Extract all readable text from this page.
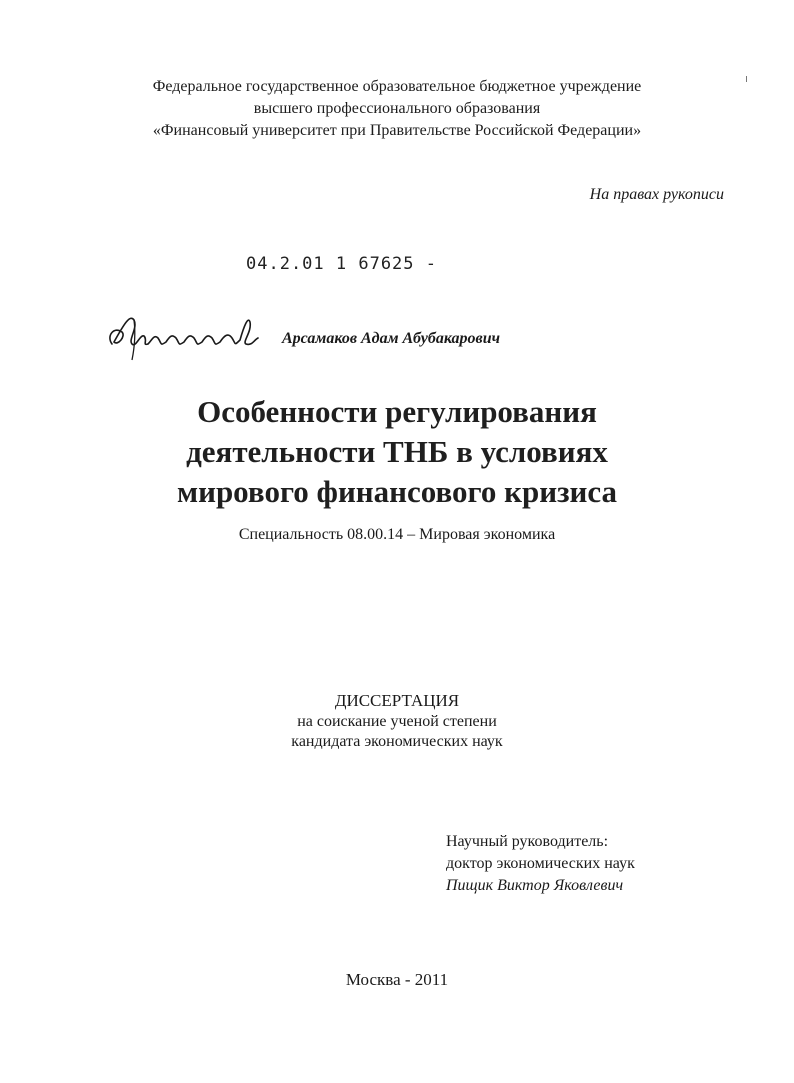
Федеральное государственное образовательное бюджетное учреждение
высшего профессионального образования
«Финансовый университет при Правительстве Российской Федерации»
На правах рукописи
04.2.01 1 67625 -
Арсамаков Адам Абубакарович
Особенности регулирования
деятельности ТНБ в условиях
мирового финансового кризиса
Специальность 08.00.14 – Мировая экономика
ДИССЕРТАЦИЯ
на соискание ученой степени
кандидата экономических наук
Научный руководитель:
доктор экономических наук
Пищик Виктор Яковлевич
Москва - 2011
